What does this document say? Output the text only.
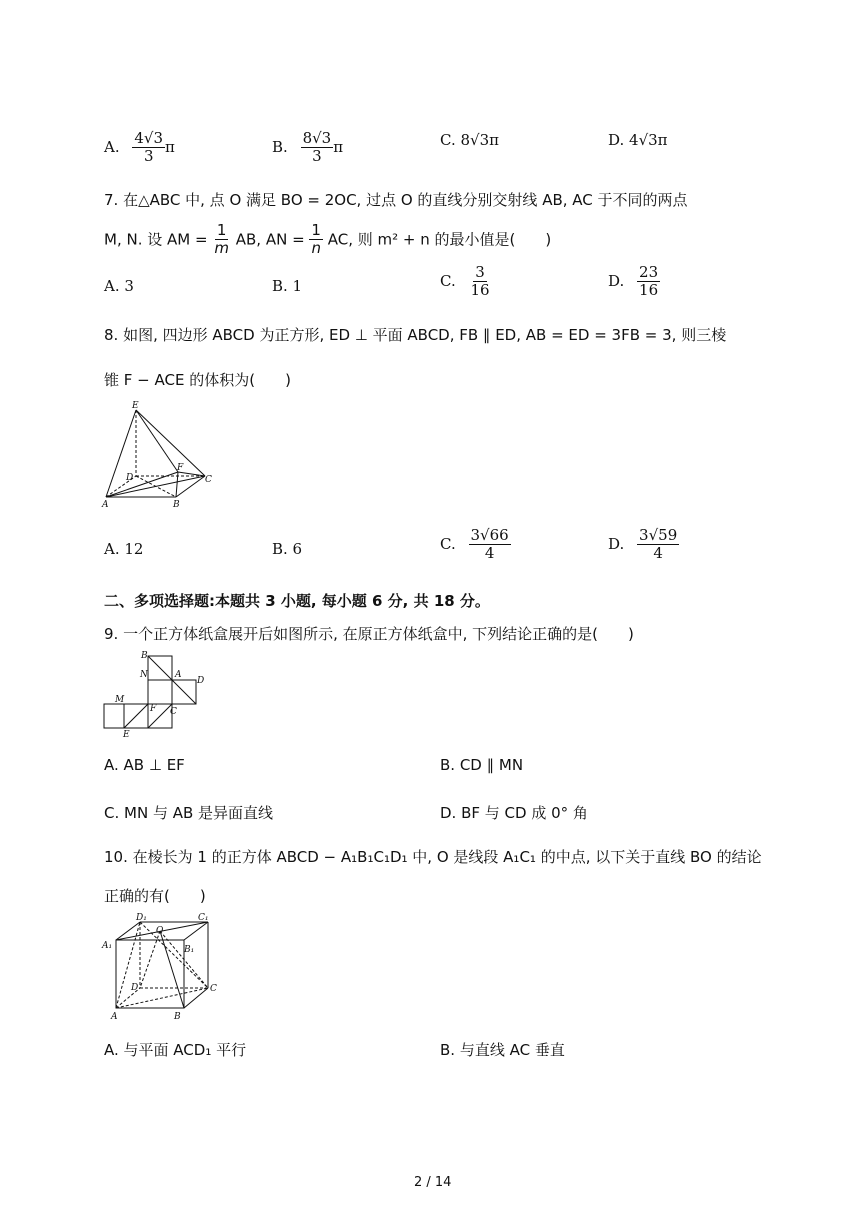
A. $\frac{4√3}{3}$ π	B. $\frac{8√3}{3}$ π	C. 8√3π	D. 4√3π
7. 在△ABC 中, 点 O 满足 BO = 2OC, 过点 O 的直线分别交射线 AB, AC 于不同的两点
M, N. 设 AM = $\frac{1}{m}$ AB, AN = $\frac{1}{n}$ AC, 则 m² + n 的最小值是(　　)
A. 3	B. 1	C. $\frac{3}{16}$	D. $\frac{23}{16}$
8. 如图, 四边形 ABCD 为正方形, ED ⊥ 平面 ABCD, FB ∥ ED, AB = ED = 3FB = 3, 则三棱
锥 F − ACE 的体积为(　　)
E
D
F
C
A	B
A. 12	B. 6	C. $\frac{3√66}{4}$	D. $\frac{3√59}{4}$
二、多项选择题:本题共 3 小题, 每小题 6 分, 共 18 分。
9. 一个正方体纸盒展开后如图所示, 在原正方体纸盒中, 下列结论正确的是(　　)
B
N	A
D
M
F C
E
A. AB ⊥ EF	B. CD ∥ MN
C. MN 与 AB 是异面直线	D. BF 与 CD 成 0° 角
10. 在棱长为 1 的正方体 ABCD − A₁B₁C₁D₁ 中, O 是线段 A₁C₁ 的中点, 以下关于直线 BO 的结论
正确的有(　　)
D₁	C₁
O
A₁	B₁
D	C
A	B
A. 与平面 ACD₁ 平行	B. 与直线 AC 垂直
2 / 14
